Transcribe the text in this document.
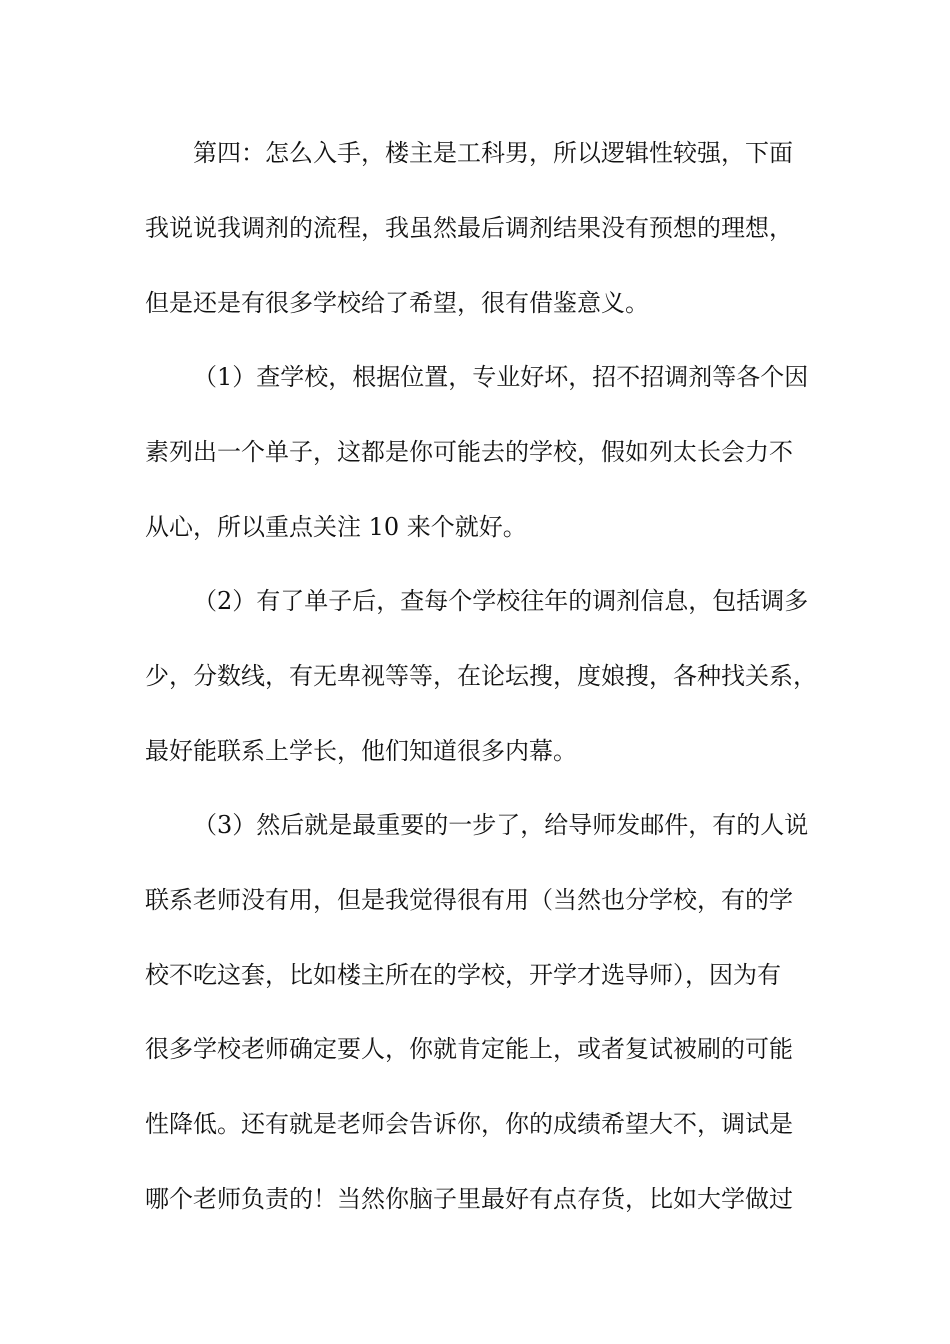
第四：怎么入手，楼主是工科男，所以逻辑性较强，下面
我说说我调剂的流程，我虽然最后调剂结果没有预想的理想，
但是还是有很多学校给了希望，很有借鉴意义。
（1）查学校，根据位置，专业好坏，招不招调剂等各个因
素列出一个单子，这都是你可能去的学校，假如列太长会力不
从心，所以重点关注 10 来个就好。
（2）有了单子后，查每个学校往年的调剂信息，包括调多
少，分数线，有无卑视等等，在论坛搜，度娘搜，各种找关系，
最好能联系上学长，他们知道很多内幕。
（3）然后就是最重要的一步了，给导师发邮件，有的人说
联系老师没有用，但是我觉得很有用（当然也分学校，有的学
校不吃这套，比如楼主所在的学校，开学才选导师），因为有
很多学校老师确定要人，你就肯定能上，或者复试被刷的可能
性降低。还有就是老师会告诉你，你的成绩希望大不，调试是
哪个老师负责的！当然你脑子里最好有点存货，比如大学做过
